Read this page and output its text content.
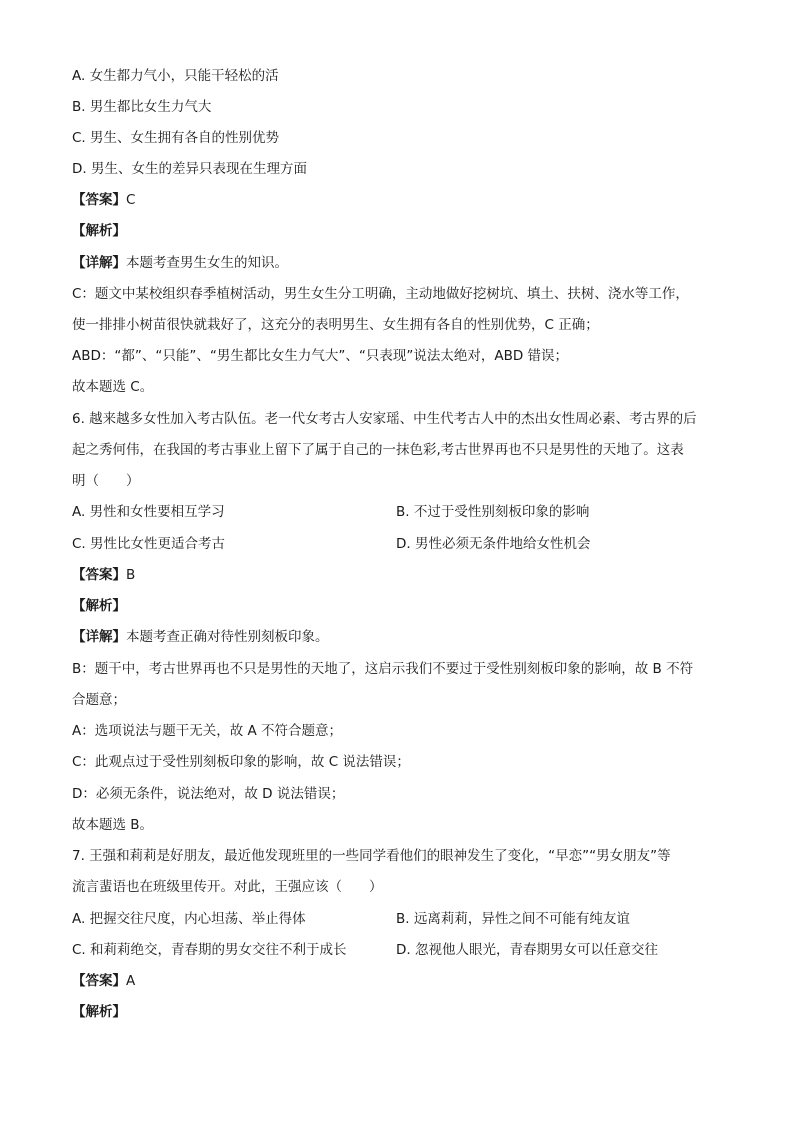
A. 女生都力气小，只能干轻松的活
B. 男生都比女生力气大
C. 男生、女生拥有各自的性别优势
D. 男生、女生的差异只表现在生理方面
【答案】C
【解析】
【详解】本题考查男生女生的知识。
C：题文中某校组织春季植树活动，男生女生分工明确，主动地做好挖树坑、填土、扶树、浇水等工作，
使一排排小树苗很快就栽好了，这充分的表明男生、女生拥有各自的性别优势，C 正确；
ABD：“都”、“只能”、“男生都比女生力气大”、“只表现”说法太绝对，ABD 错误；
故本题选 C。
6. 越来越多女性加入考古队伍。老一代女考古人安家瑶、中生代考古人中的杰出女性周必素、考古界的后
起之秀何伟，在我国的考古事业上留下了属于自己的一抹色彩,考古世界再也不只是男性的天地了。这表
明（　　）
A. 男性和女性要相互学习	B. 不过于受性别刻板印象的影响
C. 男性比女性更适合考古	D. 男性必须无条件地给女性机会
【答案】B
【解析】
【详解】本题考查正确对待性别刻板印象。
B：题干中，考古世界再也不只是男性的天地了，这启示我们不要过于受性别刻板印象的影响，故 B 不符
合题意；
A：选项说法与题干无关，故 A 不符合题意；
C：此观点过于受性别刻板印象的影响，故 C 说法错误；
D：必须无条件，说法绝对，故 D 说法错误；
故本题选 B。
7. 王强和莉莉是好朋友，最近他发现班里的一些同学看他们的眼神发生了变化，“早恋”“男女朋友”等
流言蜚语也在班级里传开。对此，王强应该（　　）
A. 把握交往尺度，内心坦荡、举止得体	B. 远离莉莉，异性之间不可能有纯友谊
C. 和莉莉绝交，青春期的男女交往不利于成长	D. 忽视他人眼光，青春期男女可以任意交往
【答案】A
【解析】
